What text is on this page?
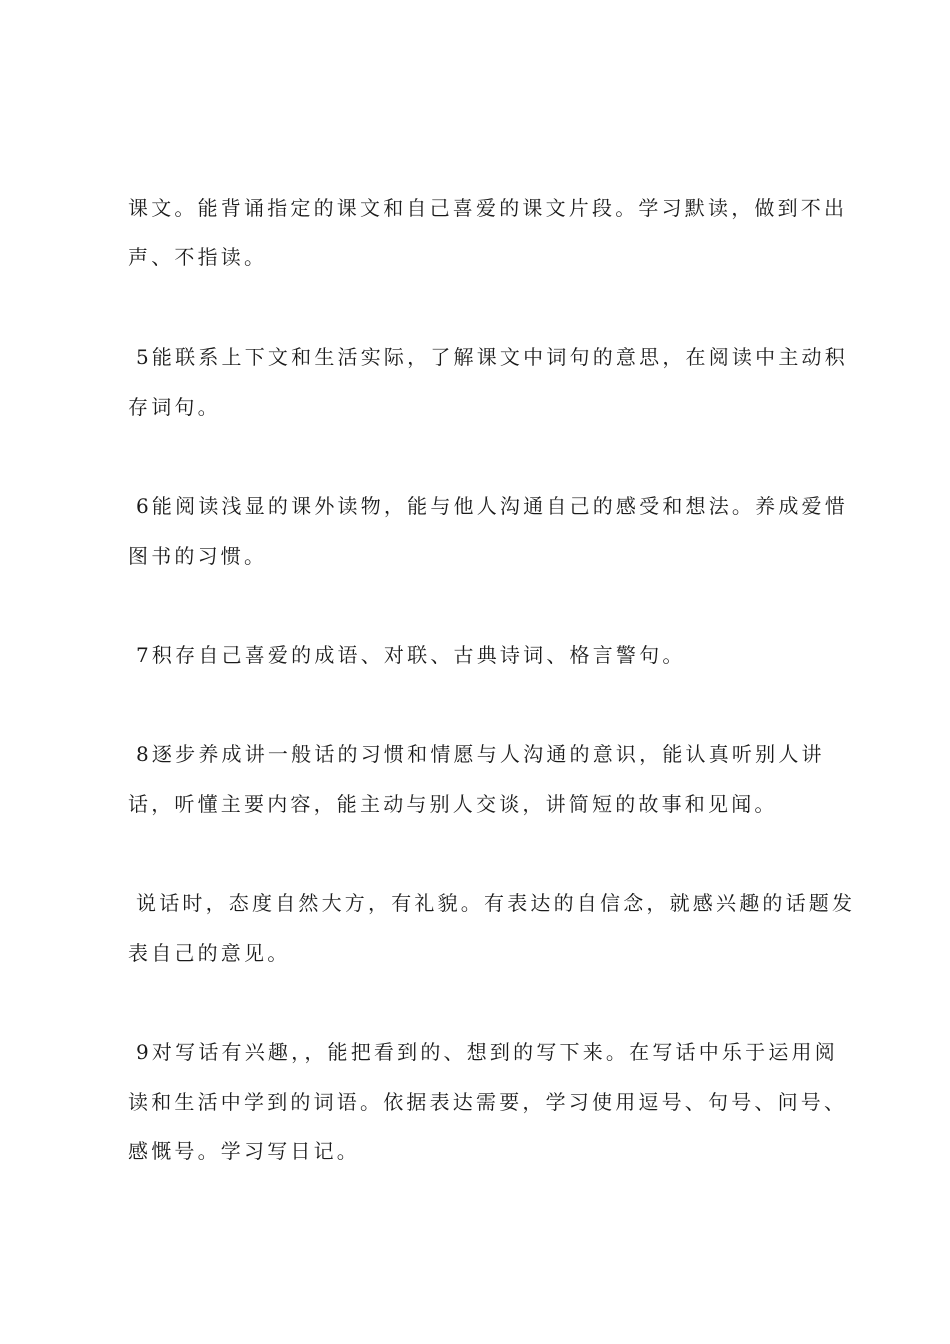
课文。能背诵指定的课文和自己喜爱的课文片段。学习默读，做到不出
声、不指读。
5能联系上下文和生活实际，了解课文中词句的意思，在阅读中主动积
存词句。
6能阅读浅显的课外读物，能与他人沟通自己的感受和想法。养成爱惜
图书的习惯。
7积存自己喜爱的成语、对联、古典诗词、格言警句。
8逐步养成讲一般话的习惯和情愿与人沟通的意识，能认真听别人讲
话，听懂主要内容，能主动与别人交谈，讲简短的故事和见闻。
说话时，态度自然大方，有礼貌。有表达的自信念，就感兴趣的话题发
表自己的意见。
9对写话有兴趣，，能把看到的、想到的写下来。在写话中乐于运用阅
读和生活中学到的词语。依据表达需要，学习使用逗号、句号、问号、
感慨号。学习写日记。
